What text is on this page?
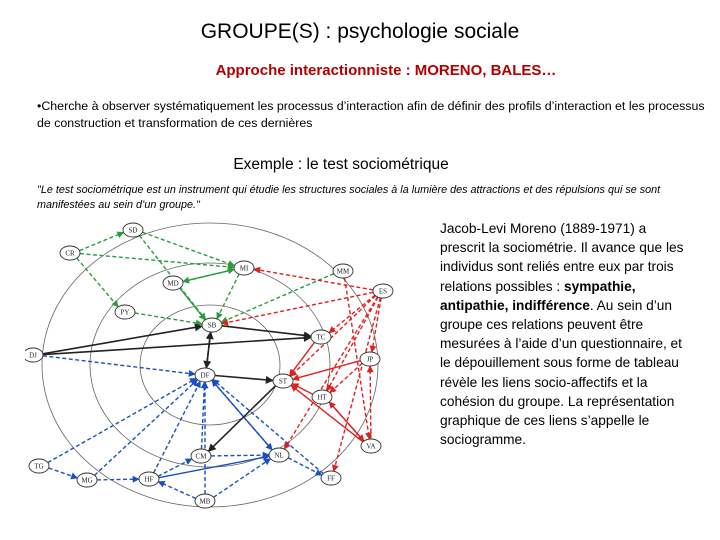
GROUPE(S) : psychologie sociale
Approche interactionniste : MORENO, BALES…
•Cherche à observer systématiquement les processus d’interaction afin de définir des profils d’interaction et les processus de construction et transformation de ces dernières
Exemple : le test sociométrique
"Le test sociométrique est un instrument qui étudie les structures sociales à la lumière des attractions et des répulsions qui se sont manifestées au sein d’un groupe."
Jacob-Levi Moreno (1889-1971) a prescrit la sociométrie. Il avance que les individus sont reliés entre eux par trois relations possibles : sympathie, antipathie, indifférence. Au sein d’un groupe ces relations peuvent être mesurées à l’aide d’un questionnaire, et le dépouillement sous forme de tableau révèle les liens socio-affectifs et la cohésion du groupe. La représentation graphique de ces liens s’appelle le sociogramme.
SD
CR
MI
MD
MM
ES
PY
SB
TC
DJ	JP
DF
ST
HT
CM	NL
VA
TG
MG	HF	FF
MB
